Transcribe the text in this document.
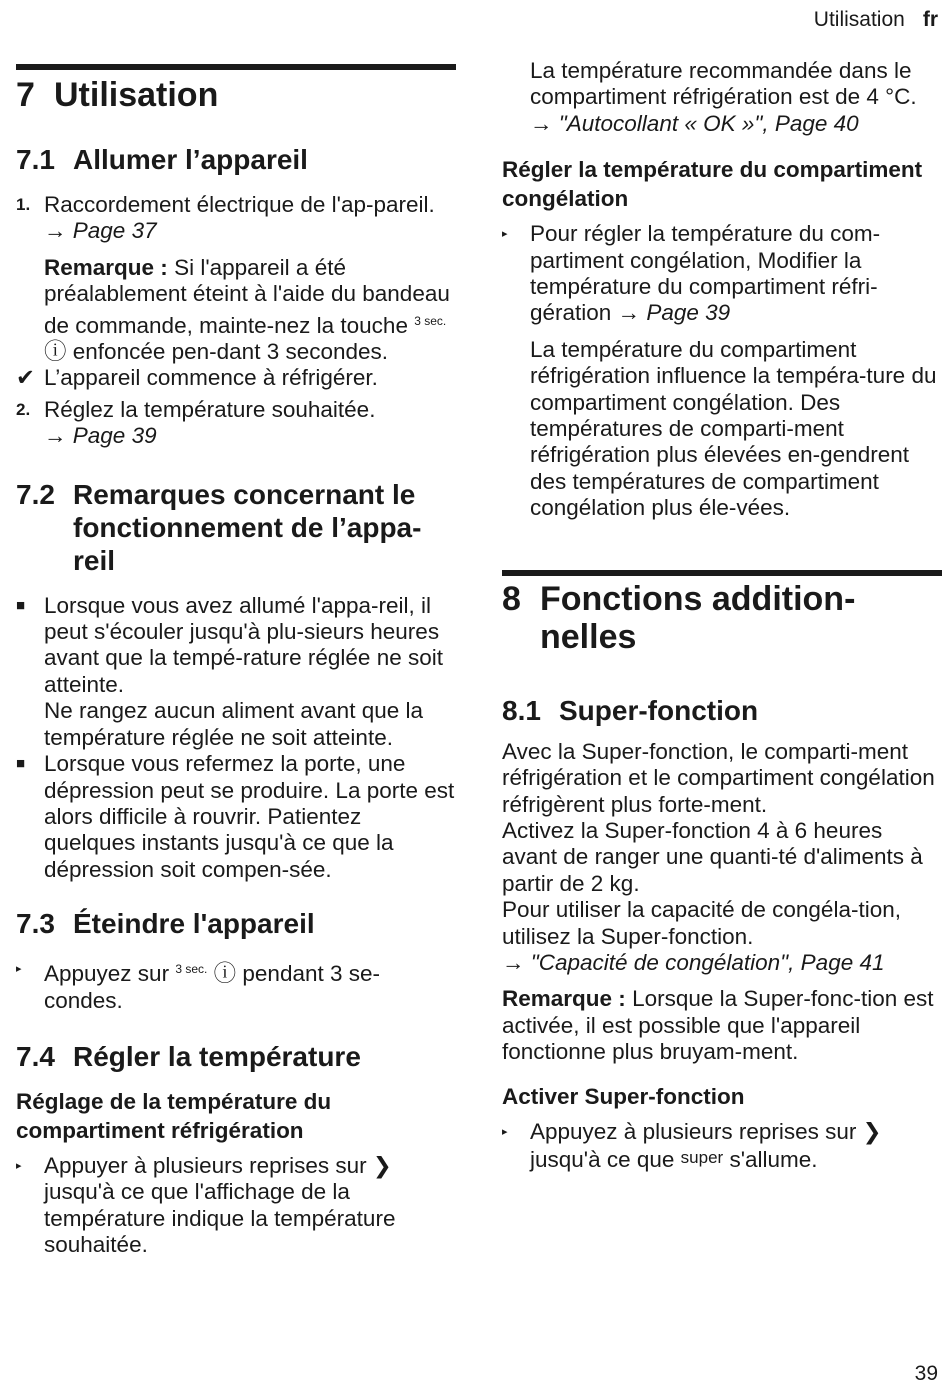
Utilisation fr
7 Utilisation
7.1 Allumer l’appareil
1. Raccordement électrique de l'ap-pareil. → Page 37

Remarque : Si l'appareil a été préalablement éteint à l'aide du bandeau de commande, mainte-nez la touche $^{3 sec.}$ ⓘ enfoncée pen-dant 3 secondes.

✔ L’appareil commence à réfrigérer.
2. Réglez la température souhaitée.
→ Page 39
7.2 Remarques concernant le fonctionnement de l’appa-reil
■ Lorsque vous avez allumé l'appa-reil, il peut s'écouler jusqu'à plu-sieurs heures avant que la tempé-rature réglée ne soit atteinte.
Ne rangez aucun aliment avant que la température réglée ne soit atteinte.
■ Lorsque vous refermez la porte, une dépression peut se produire. La porte est alors difficile à rouvrir. Patientez quelques instants jusqu'à ce que la dépression soit compen-sée.
7.3 Éteindre l'appareil
▸ Appuyez sur $^{3 sec.}$ ⓘ pendant 3 se-condes.
7.4 Régler la température
Réglage de la température du compartiment réfrigération
▸ Appuyer à plusieurs reprises sur ❯ jusqu'à ce que l'affichage de la température indique la température souhaitée.

La température recommandée dans le compartiment réfrigération est de 4 °C.
→ "Autocollant « OK »", Page 40

Régler la température du compartiment congélation
▸ Pour régler la température du com-partiment congélation, Modifier la température du compartiment réfri-gération → Page 39

La température du compartiment réfrigération influence la tempéra-ture du compartiment congélation. Des températures de comparti-ment réfrigération plus élevées en-gendrent des températures de compartiment congélation plus éle-vées.

8 Fonctions addition-nelles
8.1 Super-fonction

Avec la Super-fonction, le comparti-ment réfrigération et le compartiment congélation réfrigèrent plus forte-ment.

Activez la Super-fonction 4 à 6 heures avant de ranger une quanti-té d'aliments à partir de 2 kg.

Pour utiliser la capacité de congéla-tion, utilisez la Super-fonction.
→ "Capacité de congélation", Page 41

Remarque : Lorsque la Super-fonc-tion est activée, il est possible que l'appareil fonctionne plus bruyam-ment.

Activer Super-fonction
▸ Appuyez à plusieurs reprises sur ❯ jusqu'à ce que super s'allume.
39
